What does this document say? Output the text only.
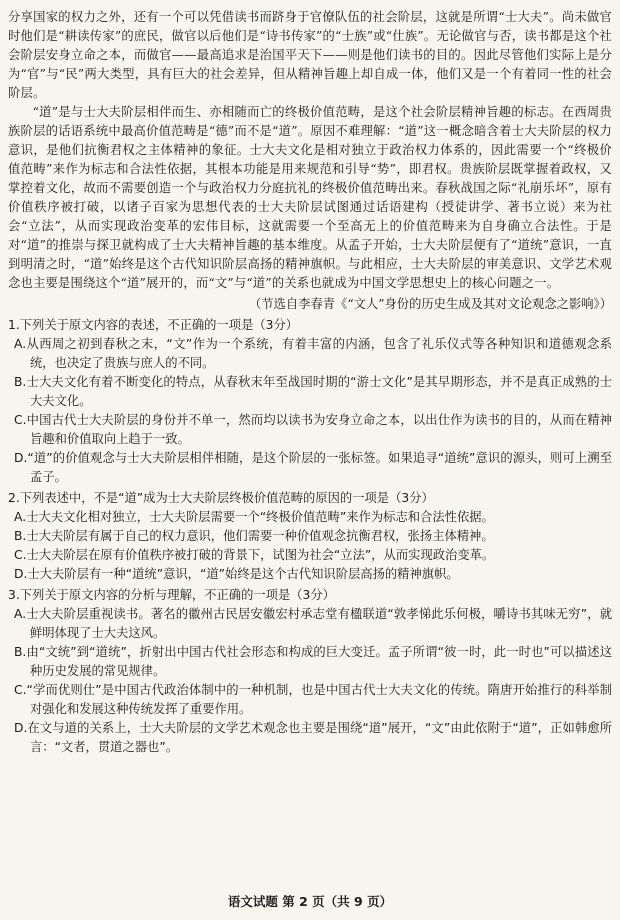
分享国家的权力之外，还有一个可以凭借读书而跻身于官僚队伍的社会阶层，这就是所谓“士大夫”。尚未做官时他们是“耕读传家”的庶民，做官以后他们是“诗书传家”的“士族”或“仕族”。无论做官与否，读书都是这个社会阶层安身立命之本，而做官——最高追求是治国平天下——则是他们读书的目的。因此尽管他们实际上是分为“官”与“民”两大类型，具有巨大的社会差异，但从精神旨趣上却自成一体，他们又是一个有着同一性的社会阶层。

“道”是与士大夫阶层相伴而生、亦相随而亡的终极价值范畴，是这个社会阶层精神旨趣的标志。在西周贵族阶层的话语系统中最高价值范畴是“德”而不是“道”。原因不难理解：“道”这一概念暗含着士大夫阶层的权力意识，是他们抗衡君权之主体精神的象征。士大夫文化是相对独立于政治权力体系的，因此需要一个“终极价值范畴”来作为标志和合法性依据，其根本功能是用来规范和引导“势”，即君权。贵族阶层既掌握着政权，又掌控着文化，故而不需要创造一个与政治权力分庭抗礼的终极价值范畴出来。春秋战国之际“礼崩乐坏”，原有价值秩序被打破，以诸子百家为思想代表的士大夫阶层试图通过话语建构（授徒讲学、著书立说）来为社会“立法”，从而实现政治变革的宏伟目标，这就需要一个至高无上的价值范畴来为自身确立合法性。于是对“道”的推崇与探卫就构成了士大夫精神旨趣的基本维度。从孟子开始，士大夫阶层便有了“道统”意识，一直到明清之时，“道”始终是这个古代知识阶层高扬的精神旗帜。与此相应，士大夫阶层的审美意识、文学艺术观念也主要是围绕这个“道”展开的，而“文”与“道”的关系也就成为中国文学思想史上的核心问题之一。

（节选自李春青《“文人”身份的历史生成及其对文论观念之影响》）

1.下列关于原文内容的表述，不正确的一项是（3分）

A.从西周之初到春秋之末，“文”作为一个系统，有着丰富的内涵，包含了礼乐仪式等各种知识和道德观念系统，也决定了贵族与庶人的不同。

B.士大夫文化有着不断变化的特点，从春秋末年至战国时期的“游士文化”是其早期形态，并不是真正成熟的士大夫文化。

C.中国古代士大夫阶层的身份并不单一，然而均以读书为安身立命之本，以出仕作为读书的目的，从而在精神旨趣和价值取向上趋于一致。

D.“道”的价值观念与士大夫阶层相伴相随，是这个阶层的一张标签。如果追寻“道统”意识的源头，则可上溯至孟子。

2.下列表述中，不是“道”成为士大夫阶层终极价值范畴的原因的一项是（3分）

A.士大夫文化相对独立，士大夫阶层需要一个“终极价值范畴”来作为标志和合法性依据。

B.士大夫阶层有属于自己的权力意识，他们需要一种价值观念抗衡君权，张扬主体精神。

C.士大夫阶层在原有价值秩序被打破的背景下，试图为社会“立法”，从而实现政治变革。

D.士大夫阶层有一种“道统”意识，“道”始终是这个古代知识阶层高扬的精神旗帜。

3.下列关于原文内容的分析与理解，不正确的一项是（3分）

A.士大夫阶层重视读书。著名的徽州古民居安徽宏村承志堂有楹联道“敦孝悌此乐何极，嚼诗书其味无穷”，就鲜明体现了士大夫这风。

B.由“文统”到“道统”，折射出中国古代社会形态和构成的巨大变迁。孟子所谓“彼一时，此一时也”可以描述这种历史发展的常见规律。

C.“学而优则仕”是中国古代政治体制中的一种机制，也是中国古代士大夫文化的传统。隋唐开始推行的科举制对强化和发展这种传统发挥了重要作用。

D.在文与道的关系上，士大夫阶层的文学艺术观念也主要是围绕“道”展开，“文”由此依附于“道”，正如韩愈所言：“文者，贯道之器也”。

语文试题 第 2 页（共 9 页）
